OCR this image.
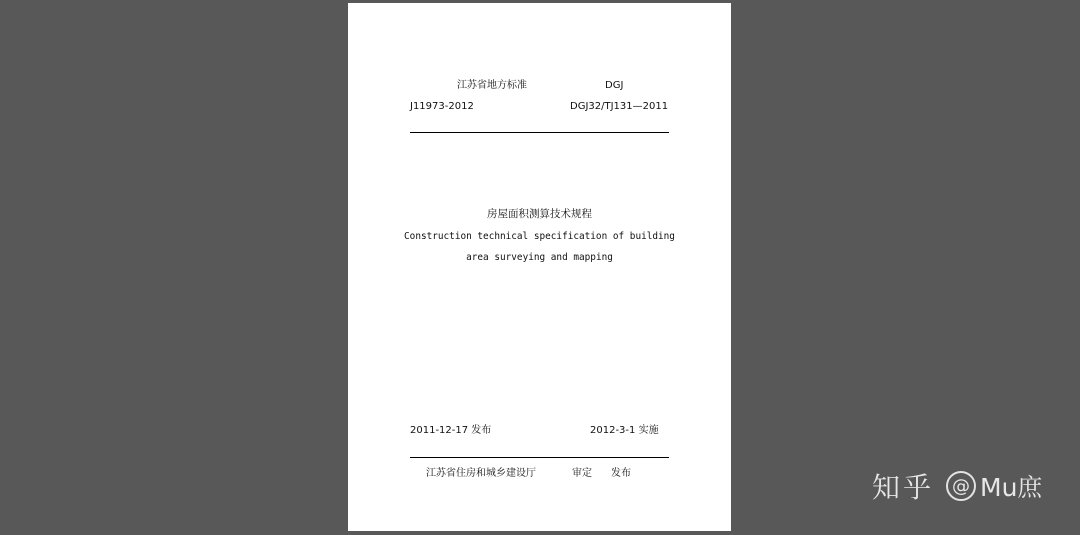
江苏省地方标准	DGJ
J11973-2012	DGJ32/TJ131—2011
房屋面积测算技术规程
Construction technical specification of building
area surveying and mapping
2011-12-17 发布	2012-3-1 实施
江苏省住房和城乡建设厅	审定 发布	知乎	@ Mu庶
